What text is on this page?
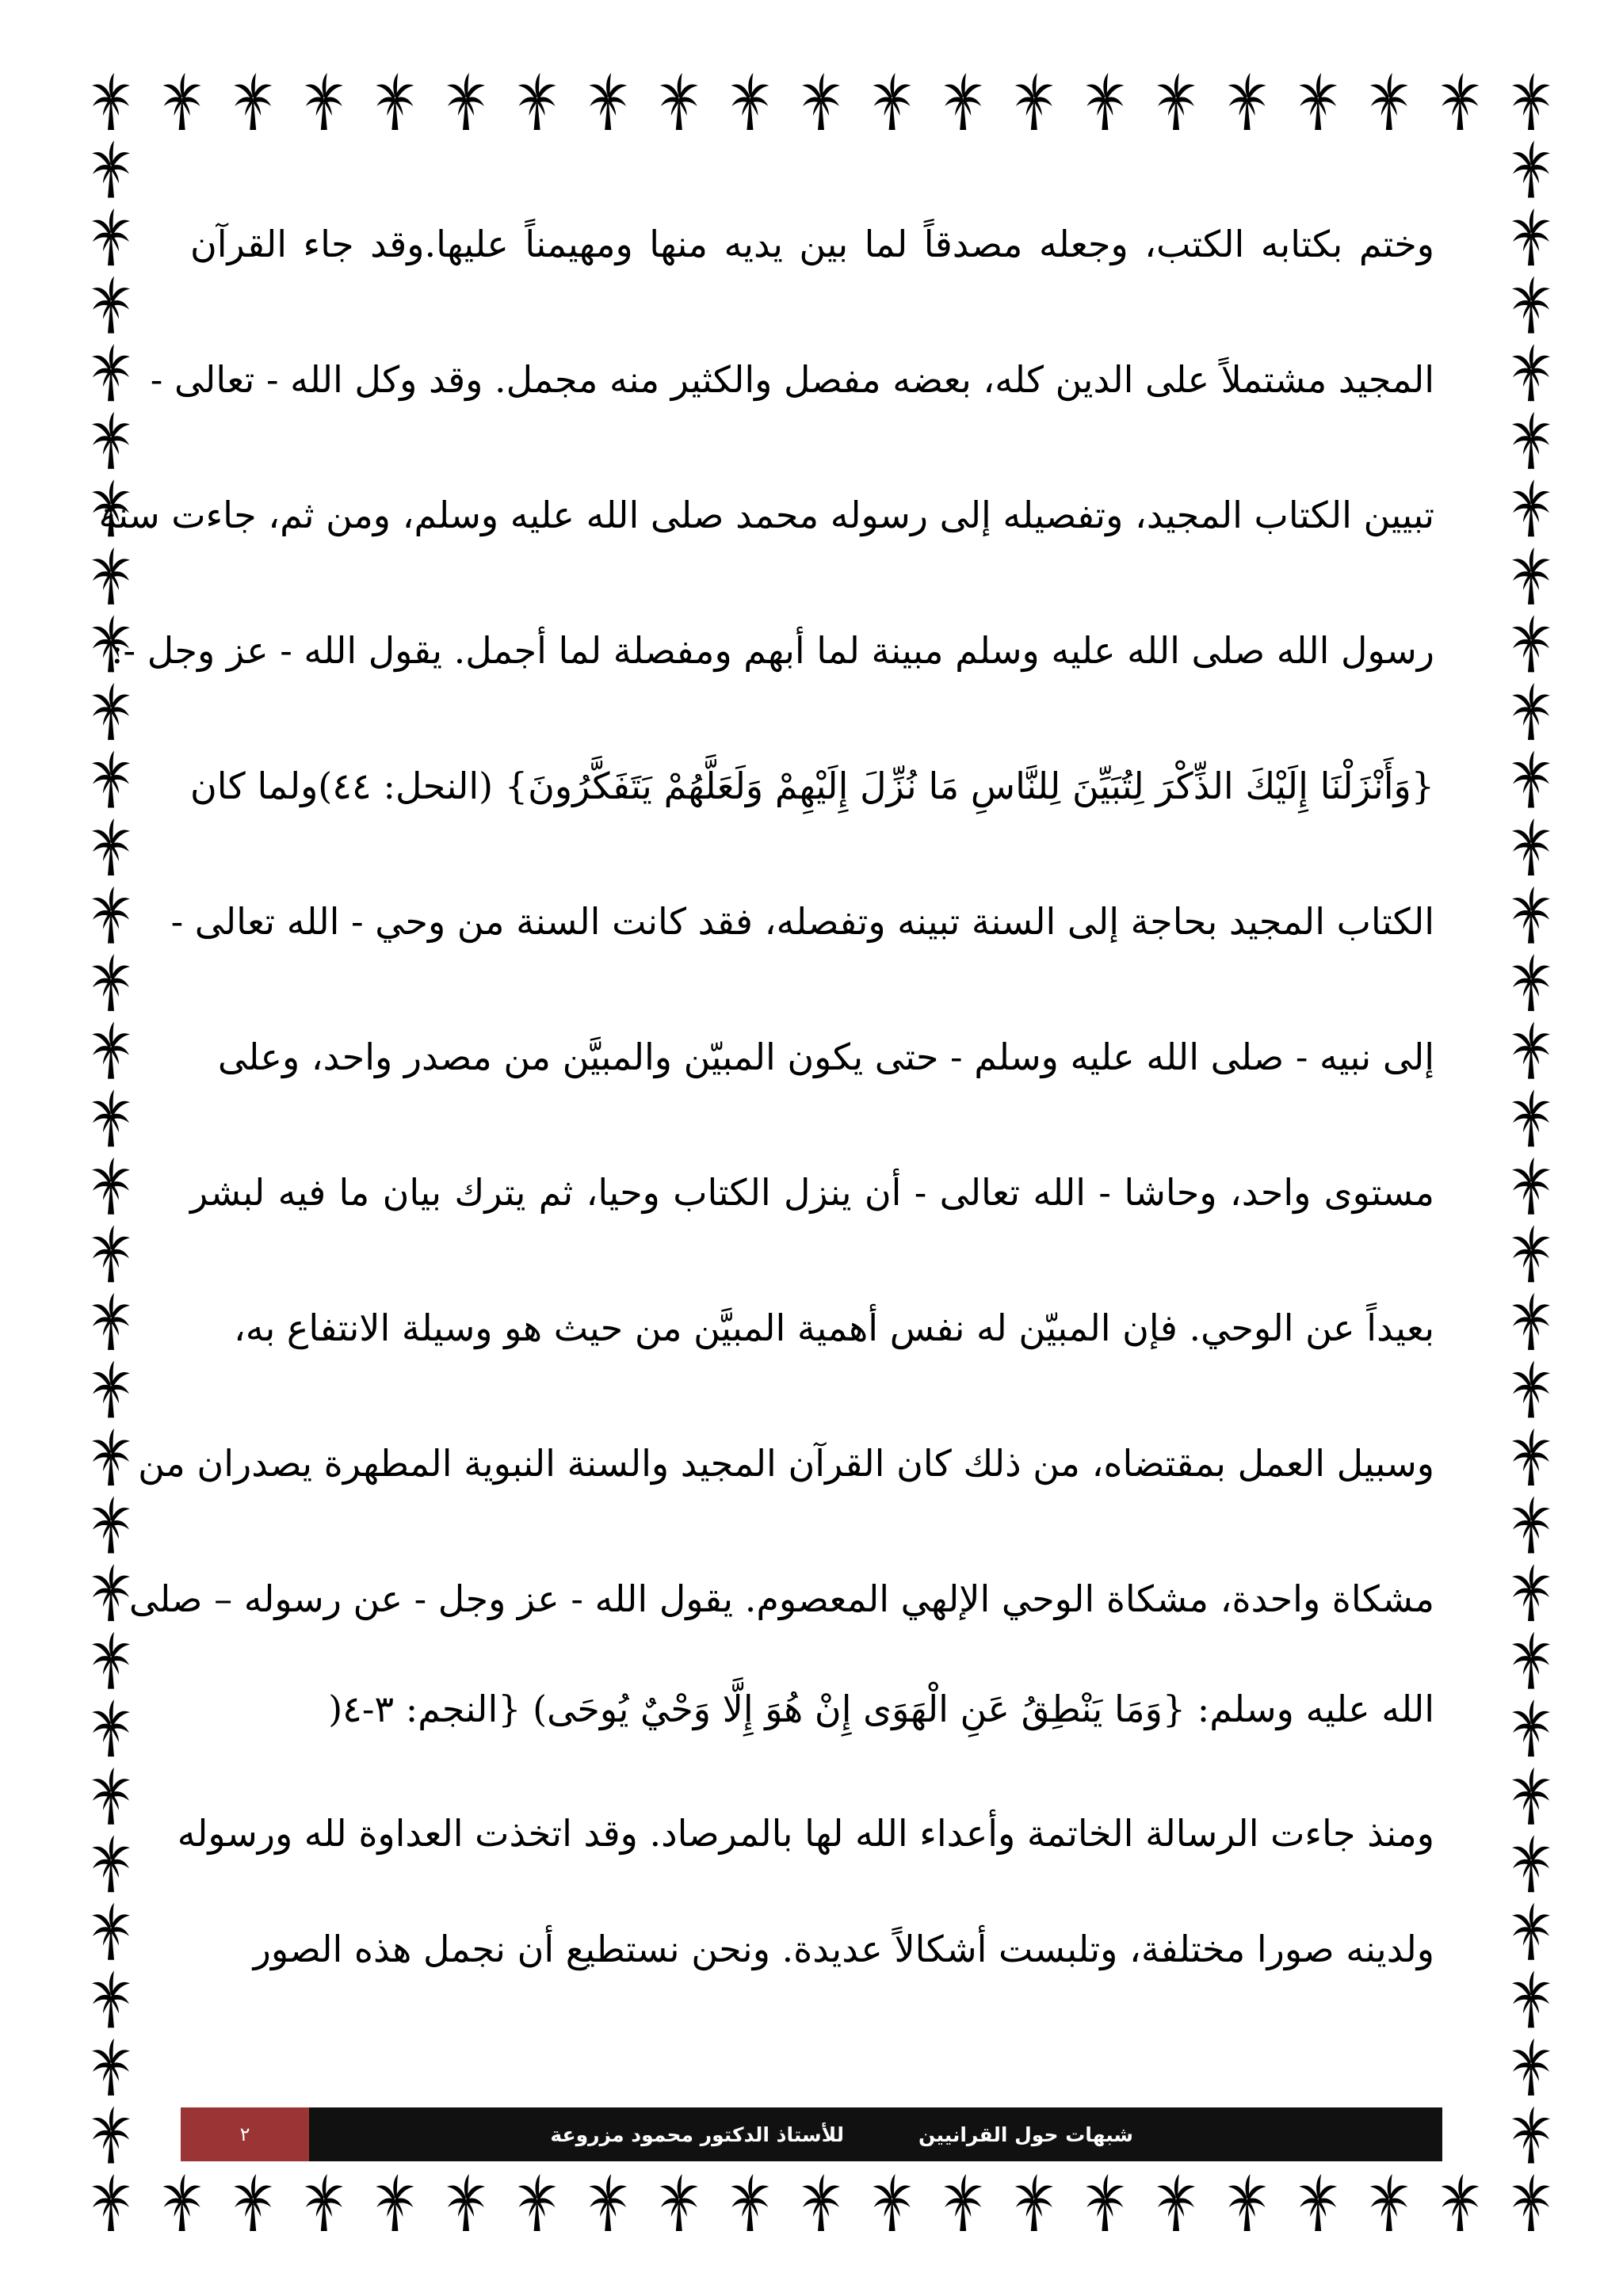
وختم بكتابه الكتب، وجعله مصدقاً لما بين يديه منها ومهيمناً عليها.وقد جاء القرآن
المجيد مشتملاً على الدين كله، بعضه مفصل والكثير منه مجمل. وقد وكل الله - تعالى -
تبيين الكتاب المجيد، وتفصيله إلى رسوله محمد صلى الله عليه وسلم، ومن ثم، جاءت سنة
رسول الله صلى الله عليه وسلم مبينة لما أبهم ومفصلة لما أجمل. يقول الله - عز وجل -:
{وَأَنْزَلْنَا إِلَيْكَ الذِّكْرَ لِتُبَيِّنَ لِلنَّاسِ مَا نُزِّلَ إِلَيْهِمْ وَلَعَلَّهُمْ يَتَفَكَّرُونَ} (النحل: ٤٤)ولما كان
الكتاب المجيد بحاجة إلى السنة تبينه وتفصله، فقد كانت السنة من وحي - الله تعالى -
إلى نبيه - صلى الله عليه وسلم - حتى يكون المبيّن والمبيَّن من مصدر واحد، وعلى
مستوى واحد، وحاشا - الله تعالى - أن ينزل الكتاب وحيا، ثم يترك بيان ما فيه لبشر
بعيداً عن الوحي. فإن المبيّن له نفس أهمية المبيَّن من حيث هو وسيلة الانتفاع به،
وسبيل العمل بمقتضاه، من ذلك كان القرآن المجيد والسنة النبوية المطهرة يصدران من
مشكاة واحدة، مشكاة الوحي الإلهي المعصوم. يقول الله - عز وجل - عن رسوله – صلى
الله عليه وسلم: {وَمَا يَنْطِقُ عَنِ الْهَوَى إِنْ هُوَ إِلَّا وَحْيٌ يُوحَى) {النجم: ٣-٤(
ومنذ جاءت الرسالة الخاتمة وأعداء الله لها بالمرصاد. وقد اتخذت العداوة لله ورسوله
ولدينه صورا مختلفة، وتلبست أشكالاً عديدة. ونحن نستطيع أن نجمل هذه الصور
٢	شبهات حول القرانيين
للأستاذ الدكتور محمود مزروعة
